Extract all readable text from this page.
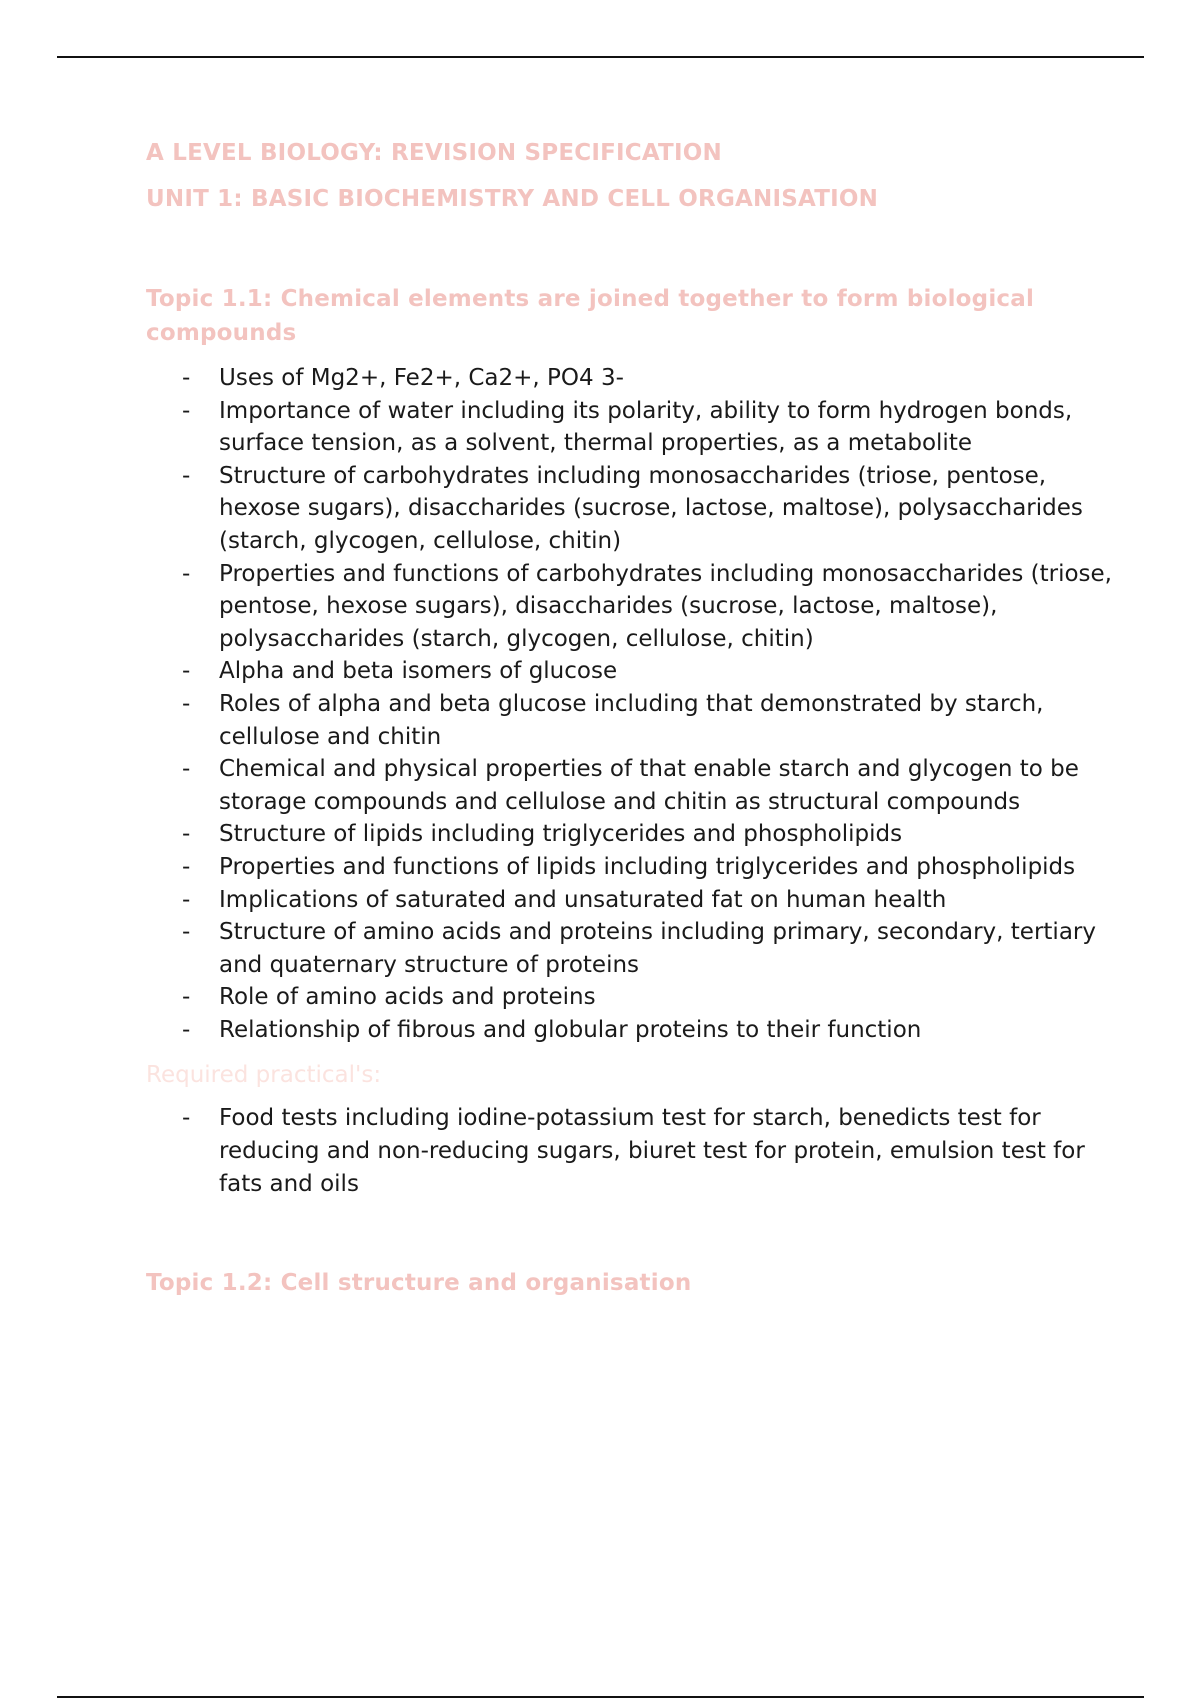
A LEVEL BIOLOGY: REVISION SPECIFICATION
UNIT 1: BASIC BIOCHEMISTRY AND CELL ORGANISATION
Topic 1.1: Chemical elements are joined together to form biological compounds
- Uses of Mg2+, Fe2+, Ca2+, PO4 3-
- Importance of water including its polarity, ability to form hydrogen bonds, surface tension, as a solvent, thermal properties, as a metabolite
- Structure of carbohydrates including monosaccharides (triose, pentose, hexose sugars), disaccharides (sucrose, lactose, maltose), polysaccharides (starch, glycogen, cellulose, chitin)
- Properties and functions of carbohydrates including monosaccharides (triose, pentose, hexose sugars), disaccharides (sucrose, lactose, maltose), polysaccharides (starch, glycogen, cellulose, chitin)
- Alpha and beta isomers of glucose
- Roles of alpha and beta glucose including that demonstrated by starch, cellulose and chitin
- Chemical and physical properties of that enable starch and glycogen to be storage compounds and cellulose and chitin as structural compounds
- Structure of lipids including triglycerides and phospholipids
- Properties and functions of lipids including triglycerides and phospholipids
- Implications of saturated and unsaturated fat on human health
- Structure of amino acids and proteins including primary, secondary, tertiary and quaternary structure of proteins
- Role of amino acids and proteins
- Relationship of fibrous and globular proteins to their function

Required practical's:

- Food tests including iodine-potassium test for starch, benedicts test for reducing and non-reducing sugars, biuret test for protein, emulsion test for fats and oils
Topic 1.2: Cell structure and organisation
